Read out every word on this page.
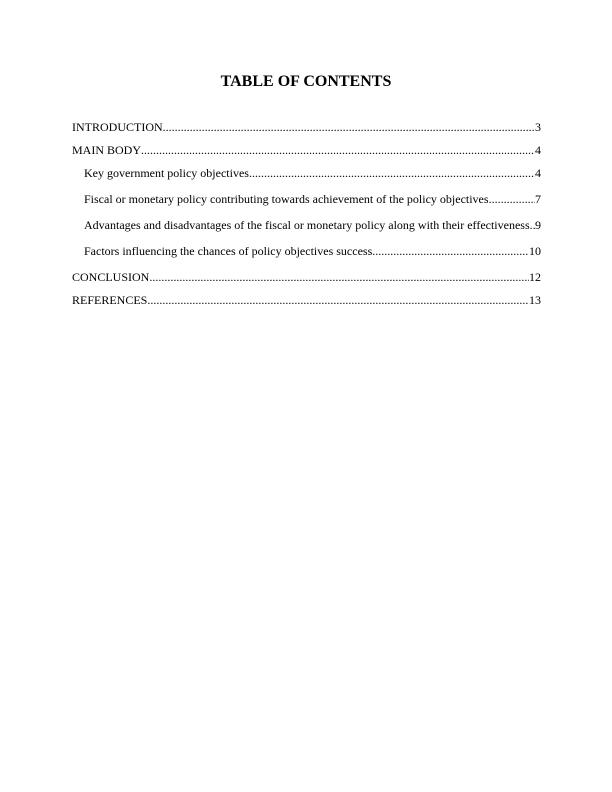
TABLE OF CONTENTS
INTRODUCTION .....	3
MAIN BODY .....	4
Key government policy objectives .....	4
Fiscal or monetary policy contributing towards achievement of the policy objectives .....	7
Advantages and disadvantages of the fiscal or monetary policy along with their effectiveness ..... 9
Factors influencing the chances of policy objectives success .....	10
CONCLUSION .....	12
REFERENCES .....	13
